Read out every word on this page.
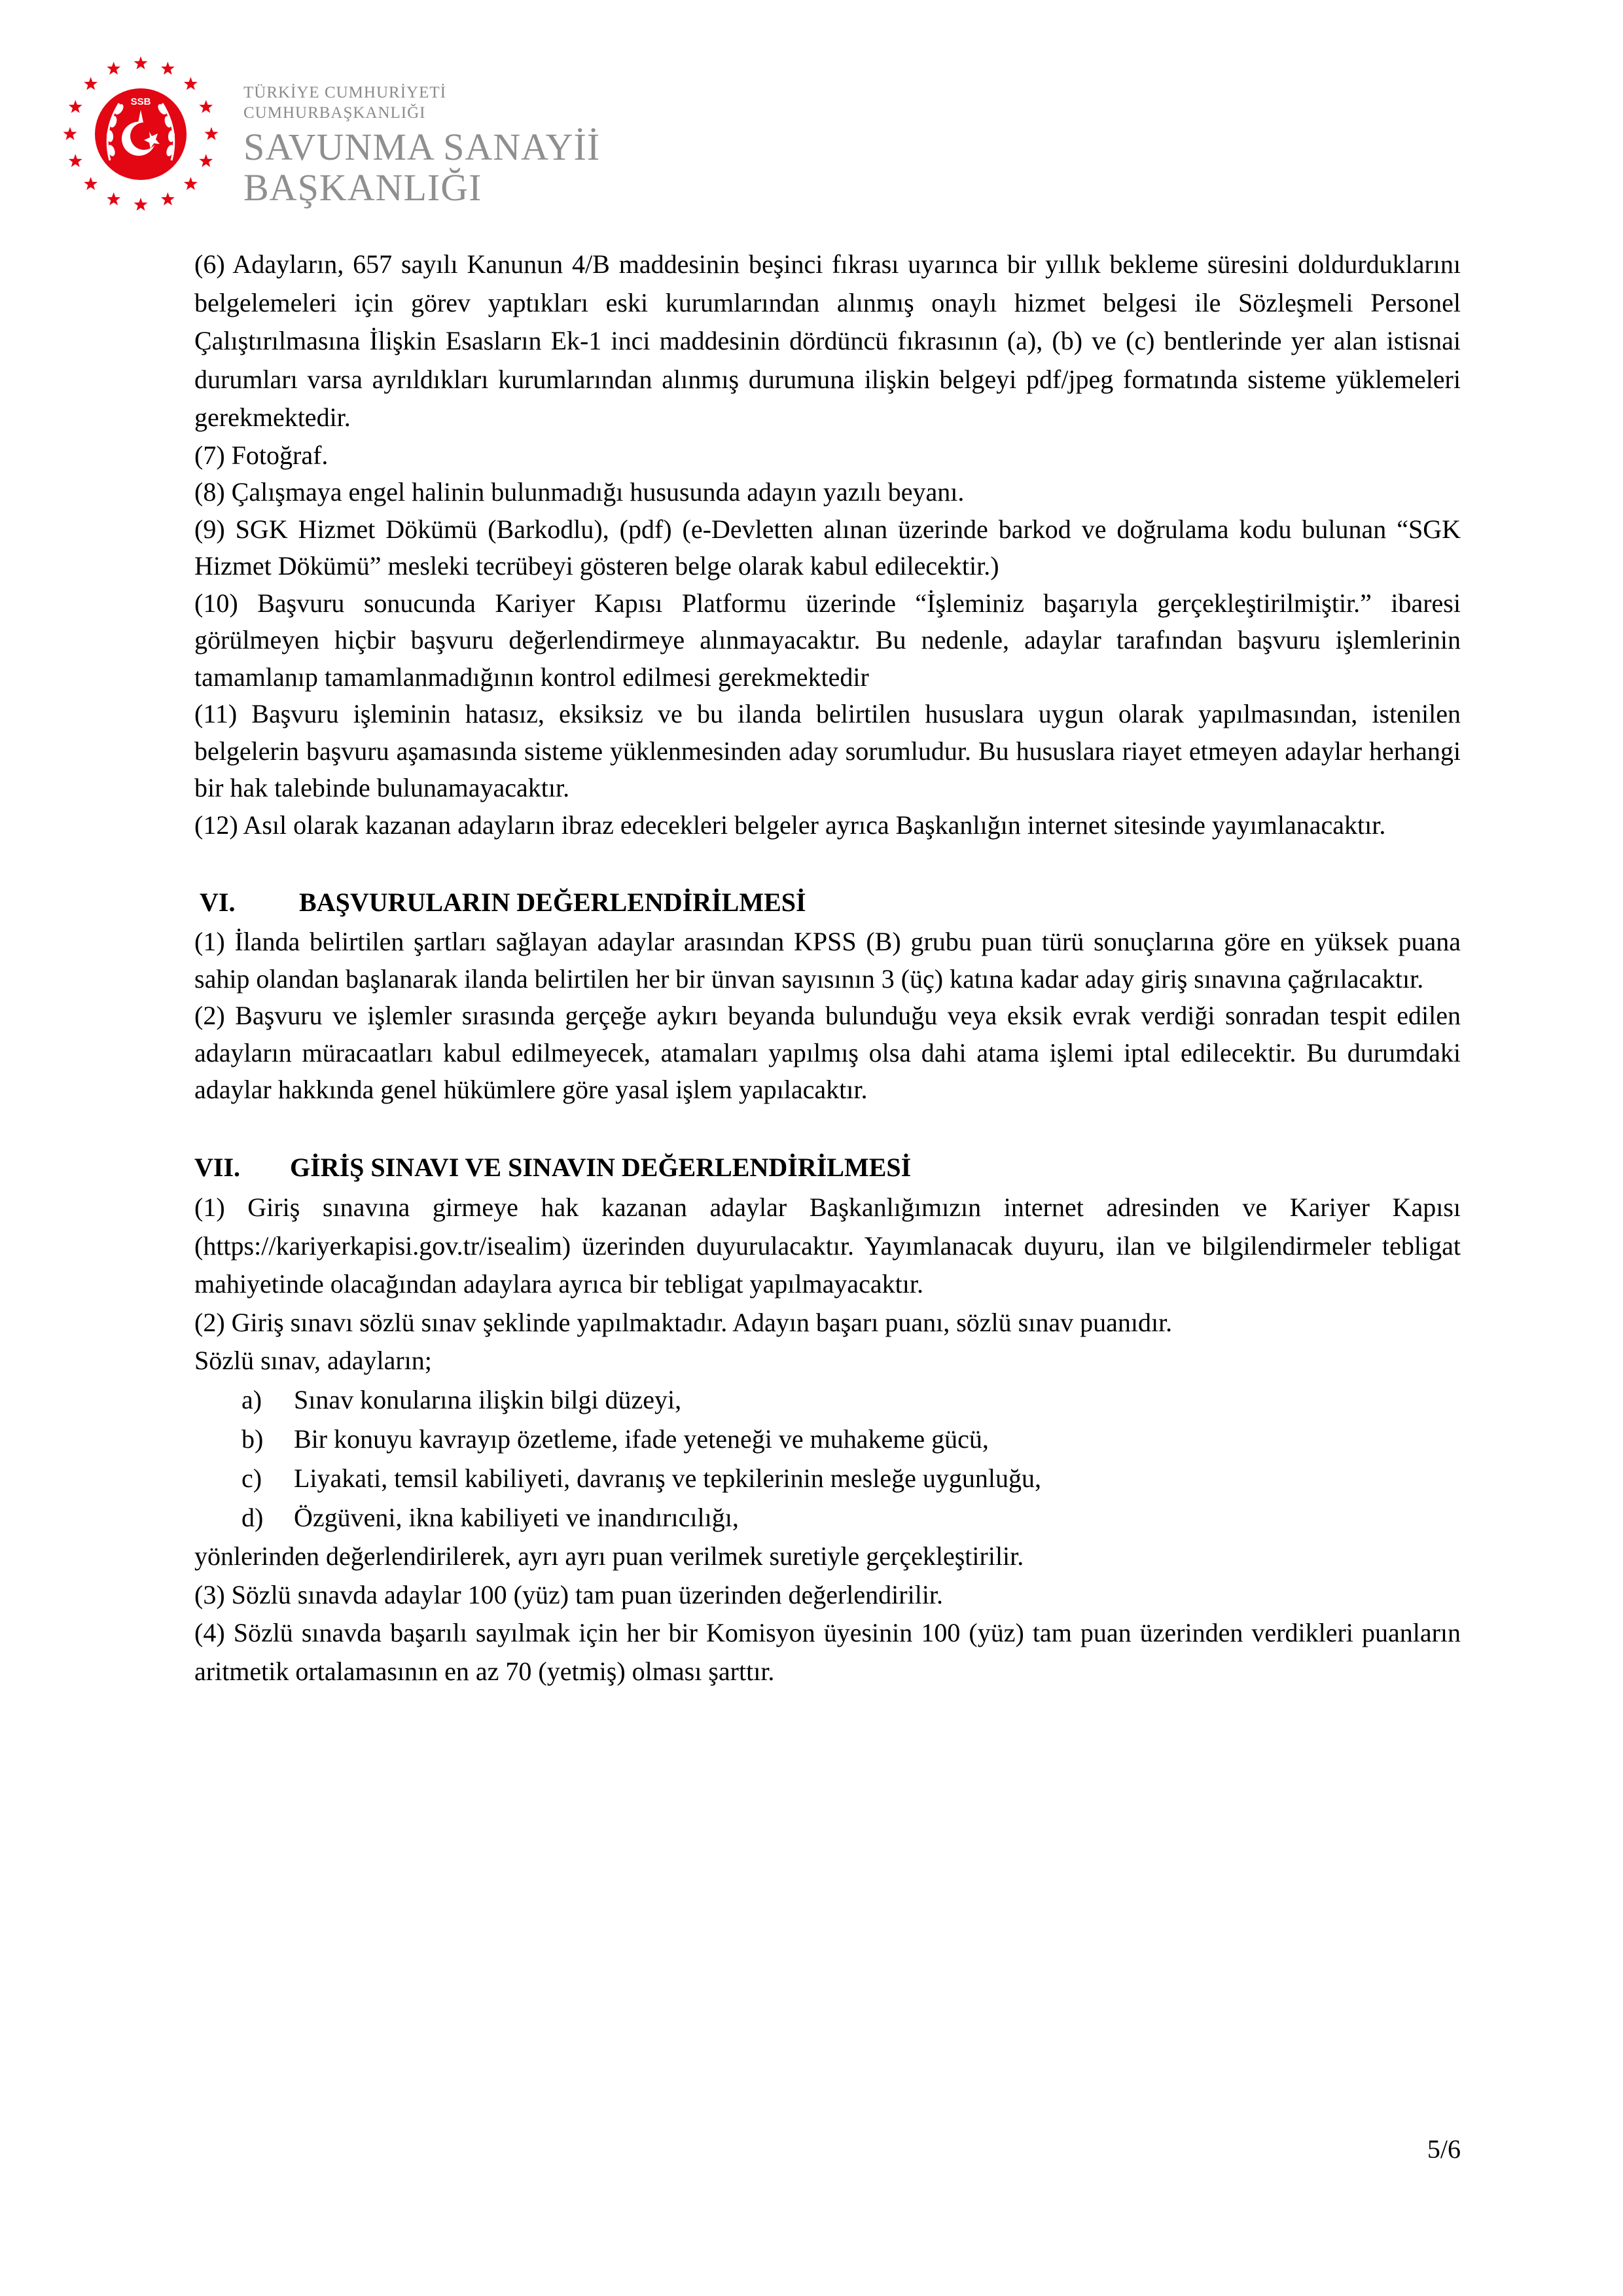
SSB
TÜRKİYE CUMHURİYETİ
CUMHURBAŞKANLIĞI
SAVUNMA SANAYİİ
BAŞKANLIĞI

(6) Adayların, 657 sayılı Kanunun 4/B maddesinin beşinci fıkrası uyarınca bir yıllık bekleme süresini doldurduklarını belgelemeleri için görev yaptıkları eski kurumlarından alınmış onaylı hizmet belgesi ile Sözleşmeli Personel Çalıştırılmasına İlişkin Esasların Ek-1 inci maddesinin dördüncü fıkrasının (a), (b) ve (c) bentlerinde yer alan istisnai durumları varsa ayrıldıkları kurumlarından alınmış durumuna ilişkin belgeyi pdf/jpeg formatında sisteme yüklemeleri gerekmektedir.

(7) Fotoğraf.

(8) Çalışmaya engel halinin bulunmadığı hususunda adayın yazılı beyanı.

(9) SGK Hizmet Dökümü (Barkodlu), (pdf) (e-Devletten alınan üzerinde barkod ve doğrulama kodu bulunan “SGK Hizmet Dökümü” mesleki tecrübeyi gösteren belge olarak kabul edilecektir.)

(10) Başvuru sonucunda Kariyer Kapısı Platformu üzerinde “İşleminiz başarıyla gerçekleştirilmiştir.” ibaresi görülmeyen hiçbir başvuru değerlendirmeye alınmayacaktır. Bu nedenle, adaylar tarafından başvuru işlemlerinin tamamlanıp tamamlanmadığının kontrol edilmesi gerekmektedir

(11) Başvuru işleminin hatasız, eksiksiz ve bu ilanda belirtilen hususlara uygun olarak yapılmasından, istenilen belgelerin başvuru aşamasında sisteme yüklenmesinden aday sorumludur. Bu hususlara riayet etmeyen adaylar herhangi bir hak talebinde bulunamayacaktır.

(12) Asıl olarak kazanan adayların ibraz edecekleri belgeler ayrıca Başkanlığın internet sitesinde yayımlanacaktır.

VI.	BAŞVURULARIN DEĞERLENDİRİLMESİ

(1) İlanda belirtilen şartları sağlayan adaylar arasından KPSS (B) grubu puan türü sonuçlarına göre en yüksek puana sahip olandan başlanarak ilanda belirtilen her bir ünvan sayısının 3 (üç) katına kadar aday giriş sınavına çağrılacaktır.

(2) Başvuru ve işlemler sırasında gerçeğe aykırı beyanda bulunduğu veya eksik evrak verdiği sonradan tespit edilen adayların müracaatları kabul edilmeyecek, atamaları yapılmış olsa dahi atama işlemi iptal edilecektir. Bu durumdaki adaylar hakkında genel hükümlere göre yasal işlem yapılacaktır.

VII.	GİRİŞ SINAVI VE SINAVIN DEĞERLENDİRİLMESİ

(1) Giriş sınavına girmeye hak kazanan adaylar Başkanlığımızın internet adresinden ve Kariyer Kapısı (https://kariyerkapisi.gov.tr/isealim) üzerinden duyurulacaktır. Yayımlanacak duyuru, ilan ve bilgilendirmeler tebligat mahiyetinde olacağından adaylara ayrıca bir tebligat yapılmayacaktır.

(2) Giriş sınavı sözlü sınav şeklinde yapılmaktadır. Adayın başarı puanı, sözlü sınav puanıdır.

Sözlü sınav, adayların;

a)	Sınav konularına ilişkin bilgi düzeyi,
b)	Bir konuyu kavrayıp özetleme, ifade yeteneği ve muhakeme gücü,
c)	Liyakati, temsil kabiliyeti, davranış ve tepkilerinin mesleğe uygunluğu,
d)	Özgüveni, ikna kabiliyeti ve inandırıcılığı,

yönlerinden değerlendirilerek, ayrı ayrı puan verilmek suretiyle gerçekleştirilir.

(3) Sözlü sınavda adaylar 100 (yüz) tam puan üzerinden değerlendirilir.

(4) Sözlü sınavda başarılı sayılmak için her bir Komisyon üyesinin 100 (yüz) tam puan üzerinden verdikleri puanların aritmetik ortalamasının en az 70 (yetmiş) olması şarttır.

5/6
